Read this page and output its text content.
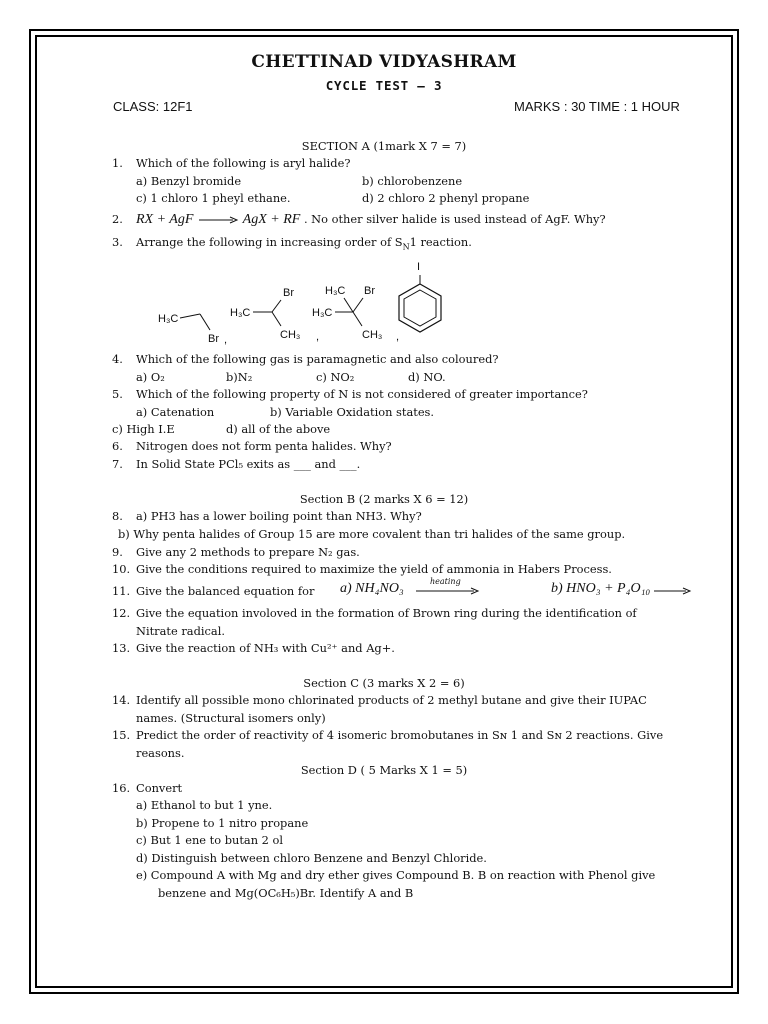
CHETTINAD VIDYASHRAM
CYCLE TEST – 3
CLASS: 12F1	MARKS : 30 TIME : 1 HOUR
SECTION A (1mark X 7 = 7)
1. Which of the following is aryl halide?
a) Benzyl bromide	b) chlorobenzene
c) 1 chloro 1 pheyl ethane.	d) 2 chloro 2 phenyl propane
2. RX + AgF → AgX + RF . No other silver halide is used instead of AgF. Why?
3. Arrange the following in increasing order of $S_N1$ reaction.
H₃C
Br ,
Br
H₃C
CH₃ ,
H₃C Br
H₃C
CH₃ ,
I
4. Which of the following gas is paramagnetic and also coloured?
a) O₂	b)N₂	c) NO₂	d) NO.
5. Which of the following property of N is not considered of greater importance?
a) Catenation	b) Variable Oxidation states.
c) High I.E	d) all of the above
6. Nitrogen does not form penta halides. Why?
7. In Solid State PCl₅ exits as ___ and ___.
Section B (2 marks X 6 = 12)
8. a) PH3 has a lower boiling point than NH3. Why?
b) Why penta halides of Group 15 are more covalent than tri halides of the same group.
9. Give any 2 methods to prepare N₂ gas.
10. Give the conditions required to maximize the yield of ammonia in Habers Process.
11. Give the balanced equation for a) NH₄NO₃	heating	b) HNO₃ + P₄O₁₀
12. Give the equation involoved in the formation of Brown ring during the identification of
Nitrate radical.
13. Give the reaction of NH₃ with Cu²⁺ and Ag+.
Section C (3 marks X 2 = 6)
14. Identify all possible mono chlorinated products of 2 methyl butane and give their IUPAC
names. (Structural isomers only)
15. Predict the order of reactivity of 4 isomeric bromobutanes in Sɴ 1 and Sɴ 2 reactions. Give
reasons.
Section D ( 5 Marks X 1 = 5)
16. Convert
a) Ethanol to but 1 yne.
b) Propene to 1 nitro propane
c) But 1 ene to butan 2 ol
d) Distinguish between chloro Benzene and Benzyl Chloride.
e) Compound A with Mg and dry ether gives Compound B. B on reaction with Phenol give
benzene and Mg(OC₆H₅)Br. Identify A and B
